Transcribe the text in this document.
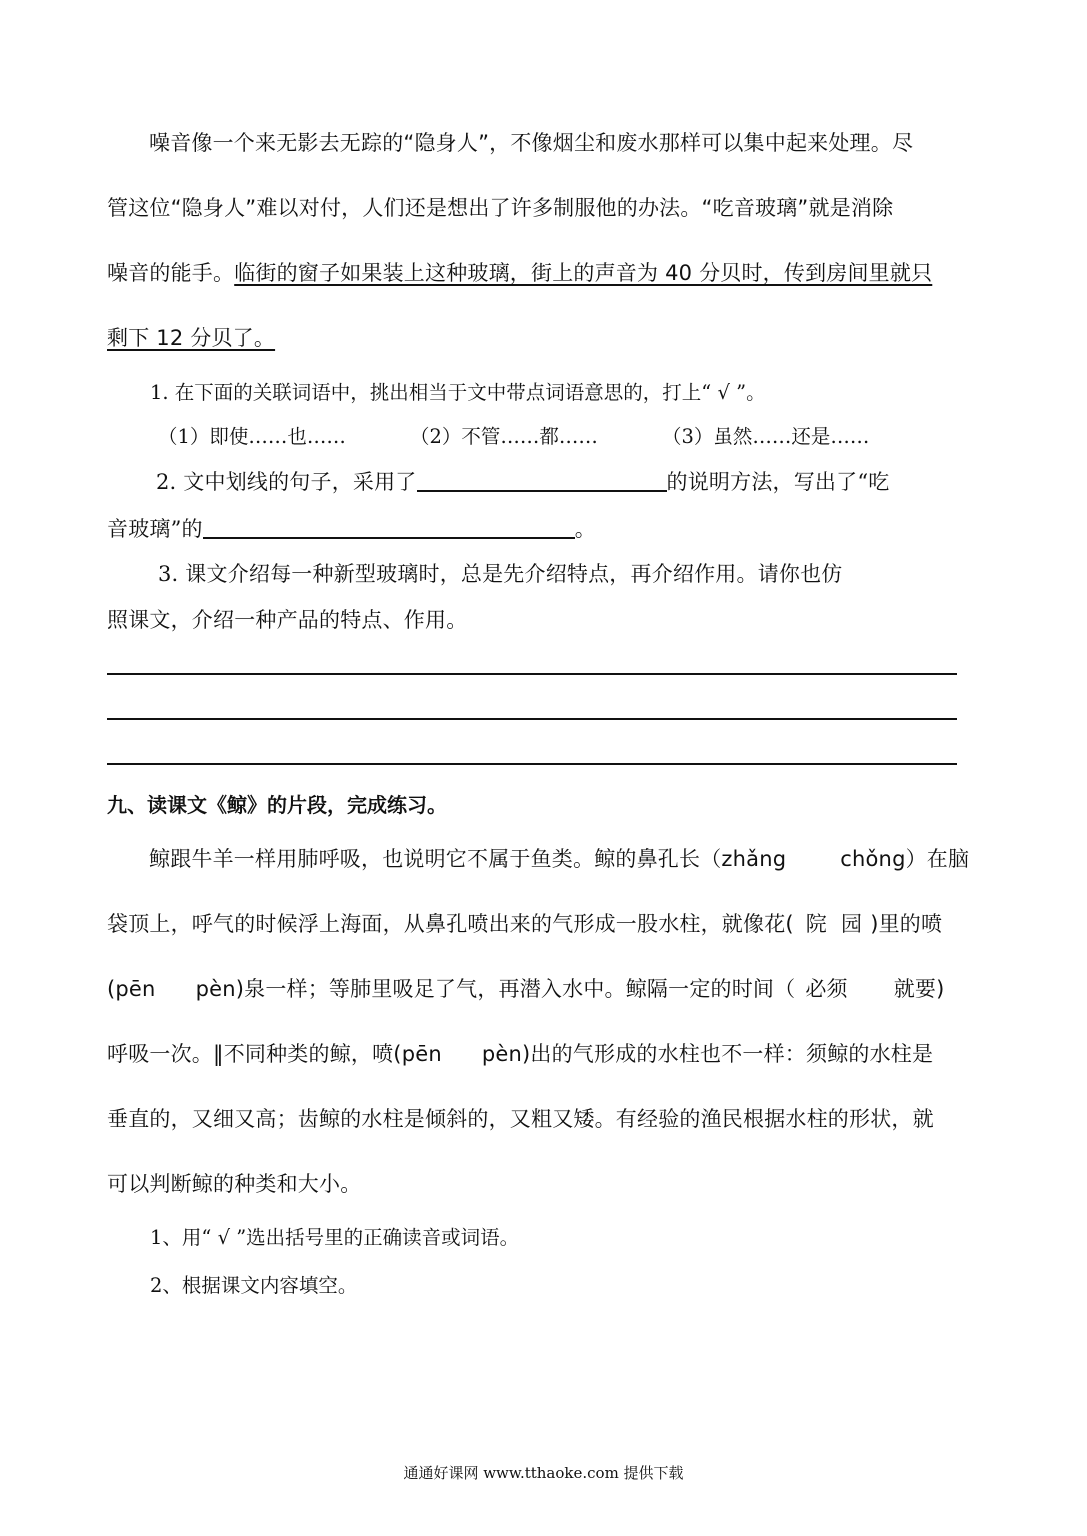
噪音像一个来无影去无踪的“隐身人”，不像烟尘和废水那样可以集中起来处理。尽
管这位“隐身人”难以对付，人们还是想出了许多制服他的办法。“吃音玻璃”就是消除
噪音的能手。临街的窗子如果装上这种玻璃，街上的声音为 40 分贝时，传到房间里就只
剩下 12 分贝了。
1. 在下面的关联词语中，挑出相当于文中带点词语意思的，打上“ √ ”。
（1）即使……也……	（2）不管……都……	（3）虽然……还是……
2. 文中划线的句子，采用了	的说明方法，写出了“吃
音玻璃”的	。
3. 课文介绍每一种新型玻璃时，总是先介绍特点，再介绍作用。请你也仿
照课文，介绍一种产品的特点、作用。
九、读课文《鲸》的片段，完成练习。
鲸跟牛羊一样用肺呼吸，也说明它不属于鱼类。鲸的鼻孔长（zhǎng	chǒng）在脑
袋顶上，呼气的时候浮上海面，从鼻孔喷出来的气形成一股水柱，就像花( 院 园 )里的喷
(pēn pèn)泉一样；等肺里吸足了气，再潜入水中。鲸隔一定的时间（ 必须 就要)
呼吸一次。‖不同种类的鲸，喷(pēn pèn)出的气形成的水柱也不一样：须鲸的水柱是
垂直的，又细又高；齿鲸的水柱是倾斜的，又粗又矮。有经验的渔民根据水柱的形状，就
可以判断鲸的种类和大小。
1、用“ √ ”选出括号里的正确读音或词语。
2、根据课文内容填空。
通通好课网 www.tthaoke.com 提供下载
